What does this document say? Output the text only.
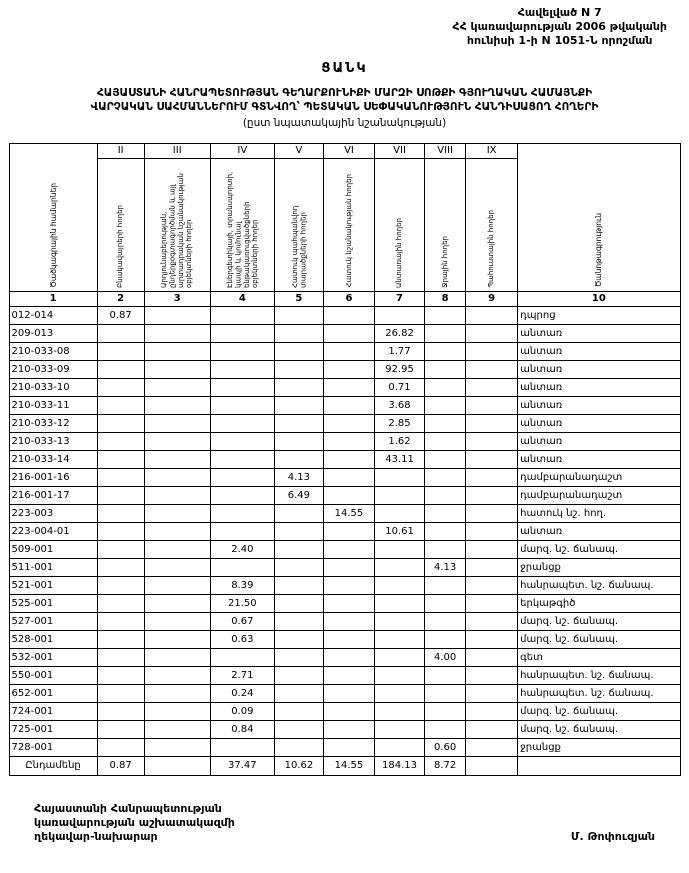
Հավելված N 7
ՀՀ կառավարության 2006 թվականի
հունիսի 1-ի N 1051-Ն որոշման
ՑԱՆԿ
ՀԱՅԱՍՏԱՆԻ ՀԱՆՐԱՊԵՏՈՒԹՅԱՆ ԳԵՂԱՐՔՈՒՆԻՔԻ ՄԱՐԶԻ ՍՈԹՔԻ ԳՅՈՒՂԱԿԱՆ ՀԱՄԱՅՆՔԻ
ՎԱՐՉԱԿԱՆ ՍԱՀՄԱՆՆԵՐՈՒՄ ԳՏՆՎՈՂ՝ ՊԵՏԱԿԱՆ ՍԵՓԱԿԱՆՈՒԹՅՈՒՆ ՀԱՆԴԻՍԱՑՈՂ ՀՈՂԵՐԻ
(ըստ նպատակային նշանակության)
Ծածկագրային համարներ	II	III	IV	V	VI	VII	VIII	IX	Ծանոթագրություն
	Բնակավայրերի հողեր	Արդյունաբերության, ընդերքօգտագործման և այլ արտադրական նշանակության օբյեկտների հողեր	Էներգետիկայի, տրանսպորտի, կապի և կոմունալ ենթակառուցվածքների օբյեկտների հողեր	Հատուկ պահպանվող տարածքների հողեր	Հատուկ նշանակության հողեր	Անտառային հողեր	Ջրային հողեր	Պահուստային հողեր	
1	2	3	4	5	6	7	8	9	10
012-014	0.87								դպրոց
209-013						26.82			անտառ
210-033-08						1.77			անտառ
210-033-09						92.95			անտառ
210-033-10						0.71			անտառ
210-033-11						3.68			անտառ
210-033-12						2.85			անտառ
210-033-13						1.62			անտառ
210-033-14						43.11			անտառ
216-001-16				4.13					դամբարանադաշտ
216-001-17				6.49					դամբարանադաշտ
223-003					14.55				հատուկ նշ. հող.
223-004-01						10.61			անտառ
509-001			2.40						մարզ. նշ. ճանապ.
511-001							4.13		ջրանցք
521-001			8.39						հանրապետ. նշ. ճանապ.
525-001			21.50						երկաթգիծ
527-001			0.67						մարզ. նշ. ճանապ.
528-001			0.63						մարզ. նշ. ճանապ.
532-001							4.00		գետ
550-001			2.71						հանրապետ. նշ. ճանապ.
652-001			0.24						հանրապետ. նշ. ճանապ.
724-001			0.09						մարզ. նշ. ճանապ.
725-001			0.84						մարզ. նշ. ճանապ.
728-001							0.60		ջրանցք
Ընդամենը	0.87		37.47	10.62	14.55	184.13	8.72		
Հայաստանի Հանրապետության
կառավարության աշխատակազմի
ղեկավար-նախարար	Մ. Թոփուզյան
